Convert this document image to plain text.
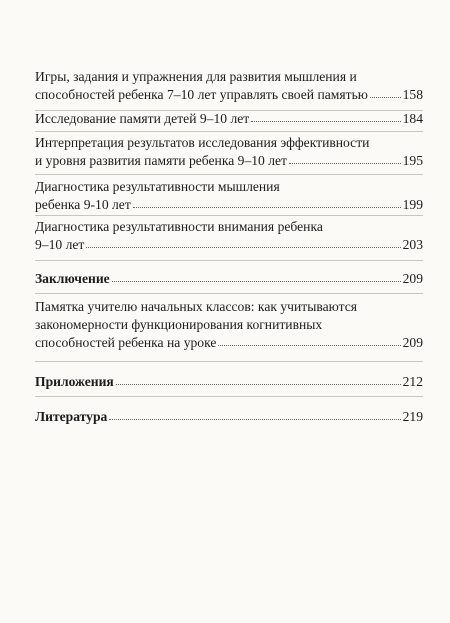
Игры, задания и упражнения для развития мышления и
способностей ребенка 7–10 лет управлять своей памятью	158
Исследование памяти детей 9–10 лет	184
Интерпретация результатов исследования эффективности
и уровня развития памяти ребенка 9–10 лет	195
Диагностика результативности мышления
ребенка 9-10 лет	199
Диагностика результативности внимания ребенка
9–10 лет	203
Заключение	209
Памятка учителю начальных классов: как учитываются
закономерности функционирования когнитивных
способностей ребенка на уроке	209
Приложения	212
Литература	219
